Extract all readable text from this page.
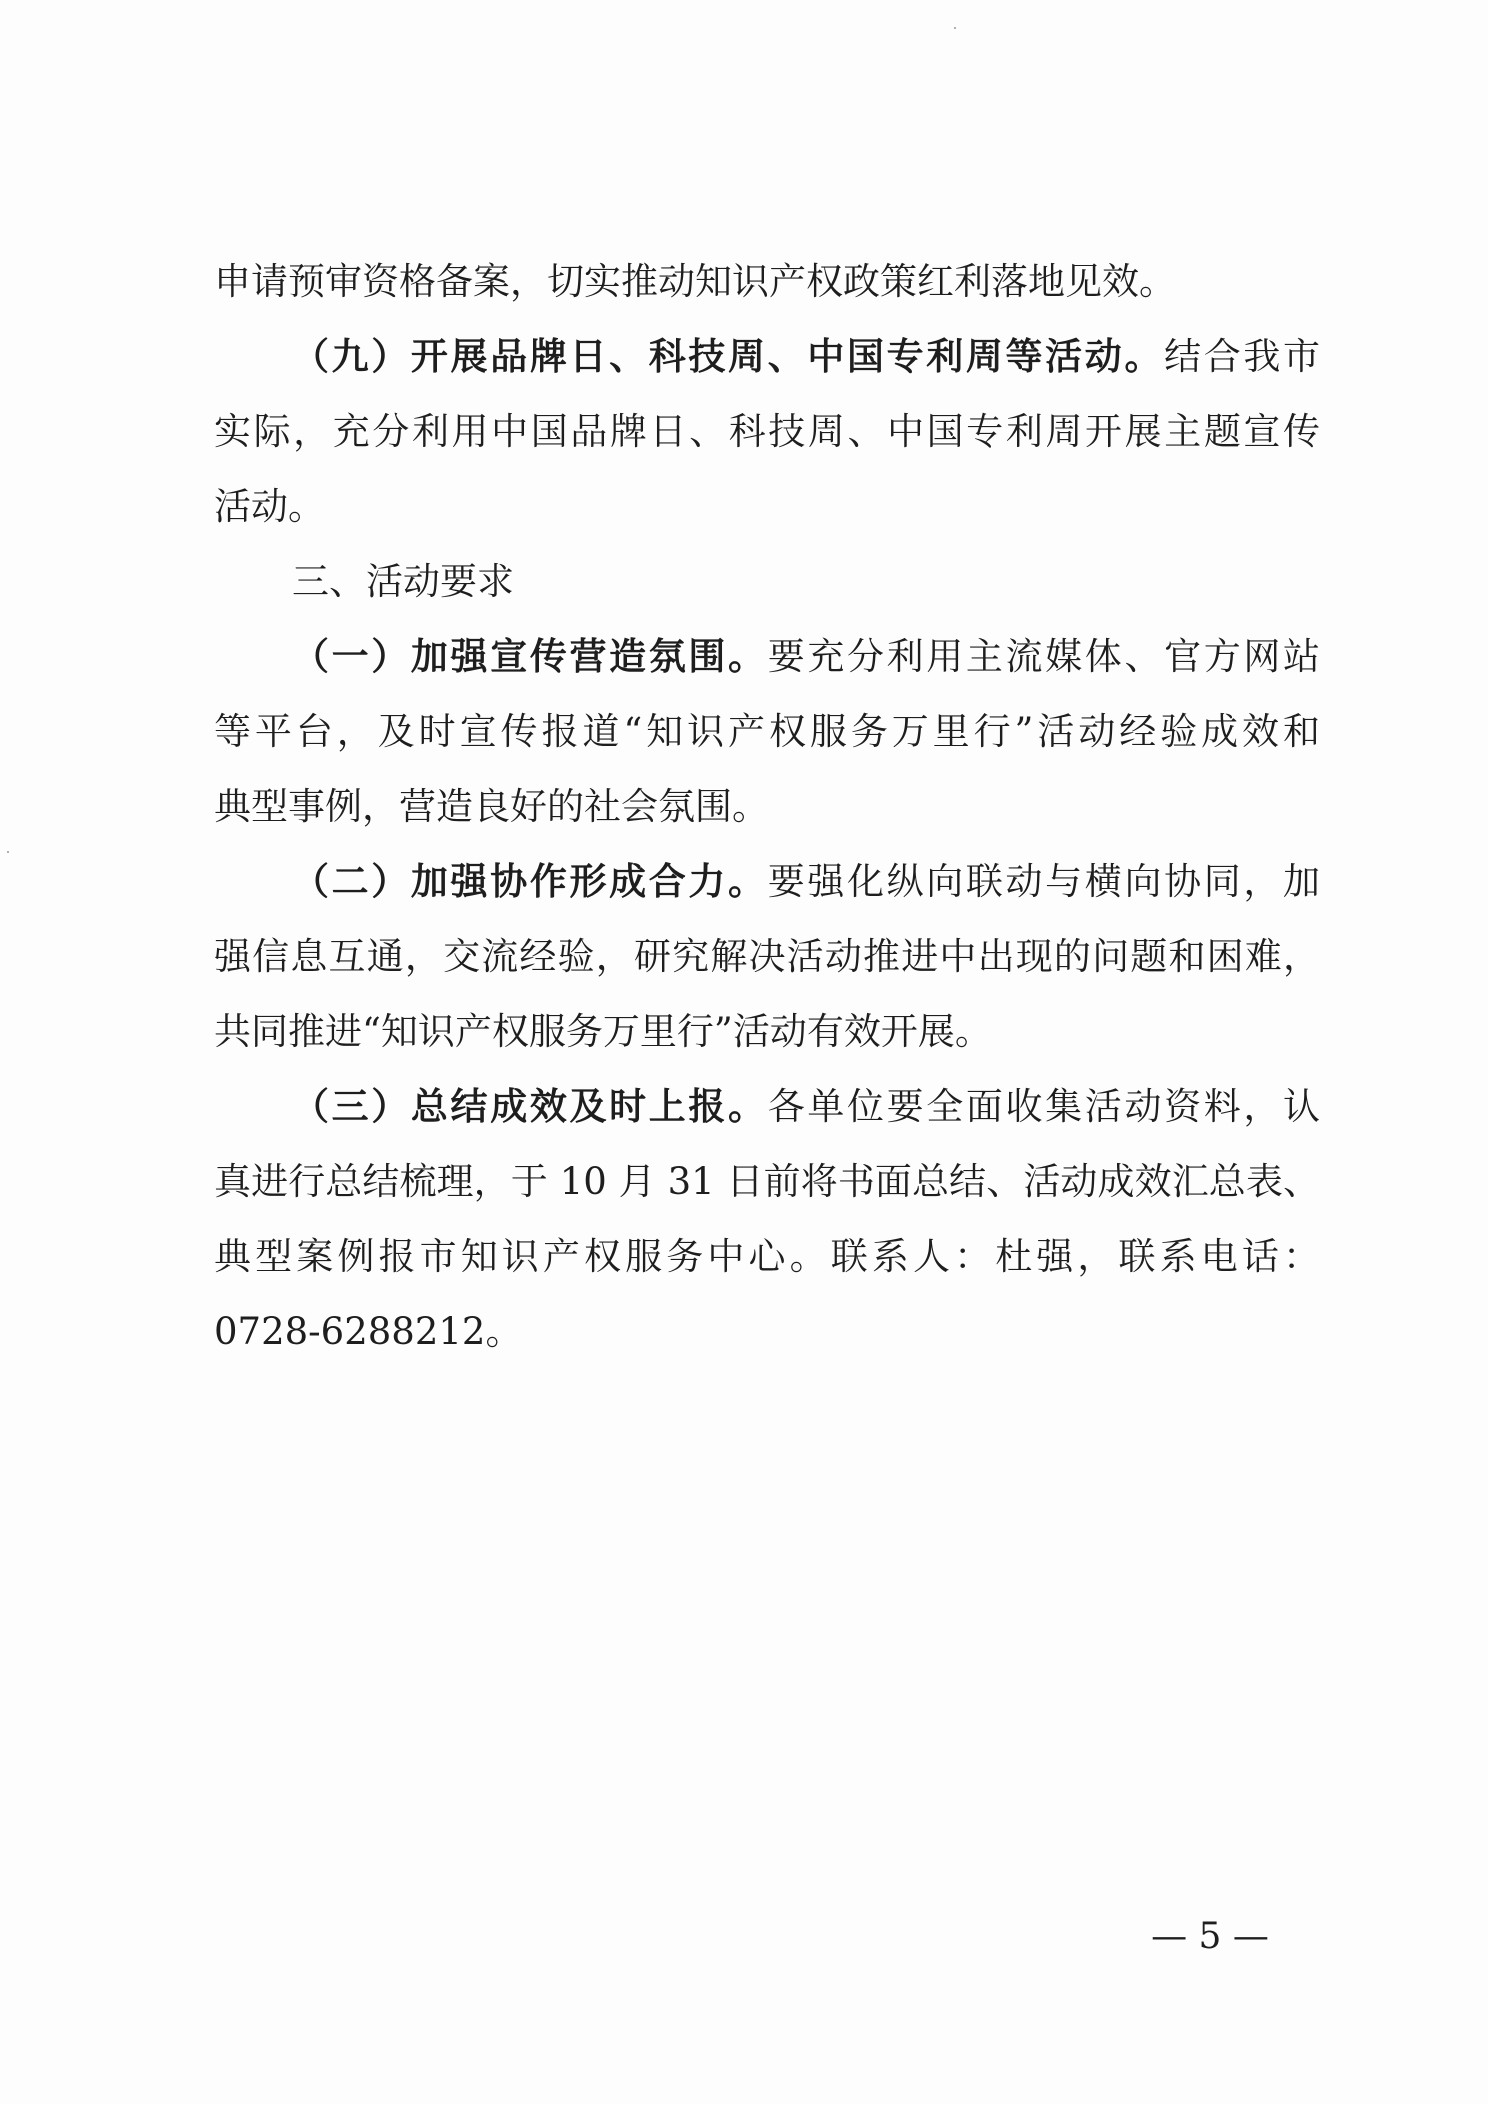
申请预审资格备案，切实推动知识产权政策红利落地见效。
（九）开展品牌日、科技周、中国专利周等活动。结合我市
实际，充分利用中国品牌日、科技周、中国专利周开展主题宣传
活动。
三、活动要求
（一）加强宣传营造氛围。要充分利用主流媒体、官方网站
等平台，及时宣传报道“知识产权服务万里行”活动经验成效和
典型事例，营造良好的社会氛围。
（二）加强协作形成合力。要强化纵向联动与横向协同，加
强信息互通，交流经验，研究解决活动推进中出现的问题和困难，
共同推进“知识产权服务万里行”活动有效开展。
（三）总结成效及时上报。各单位要全面收集活动资料，认
真进行总结梳理，于 10 月 31 日前将书面总结、活动成效汇总表、
典型案例报市知识产权服务中心。联系人：杜强，联系电话：
0728-6288212。
— 5 —
